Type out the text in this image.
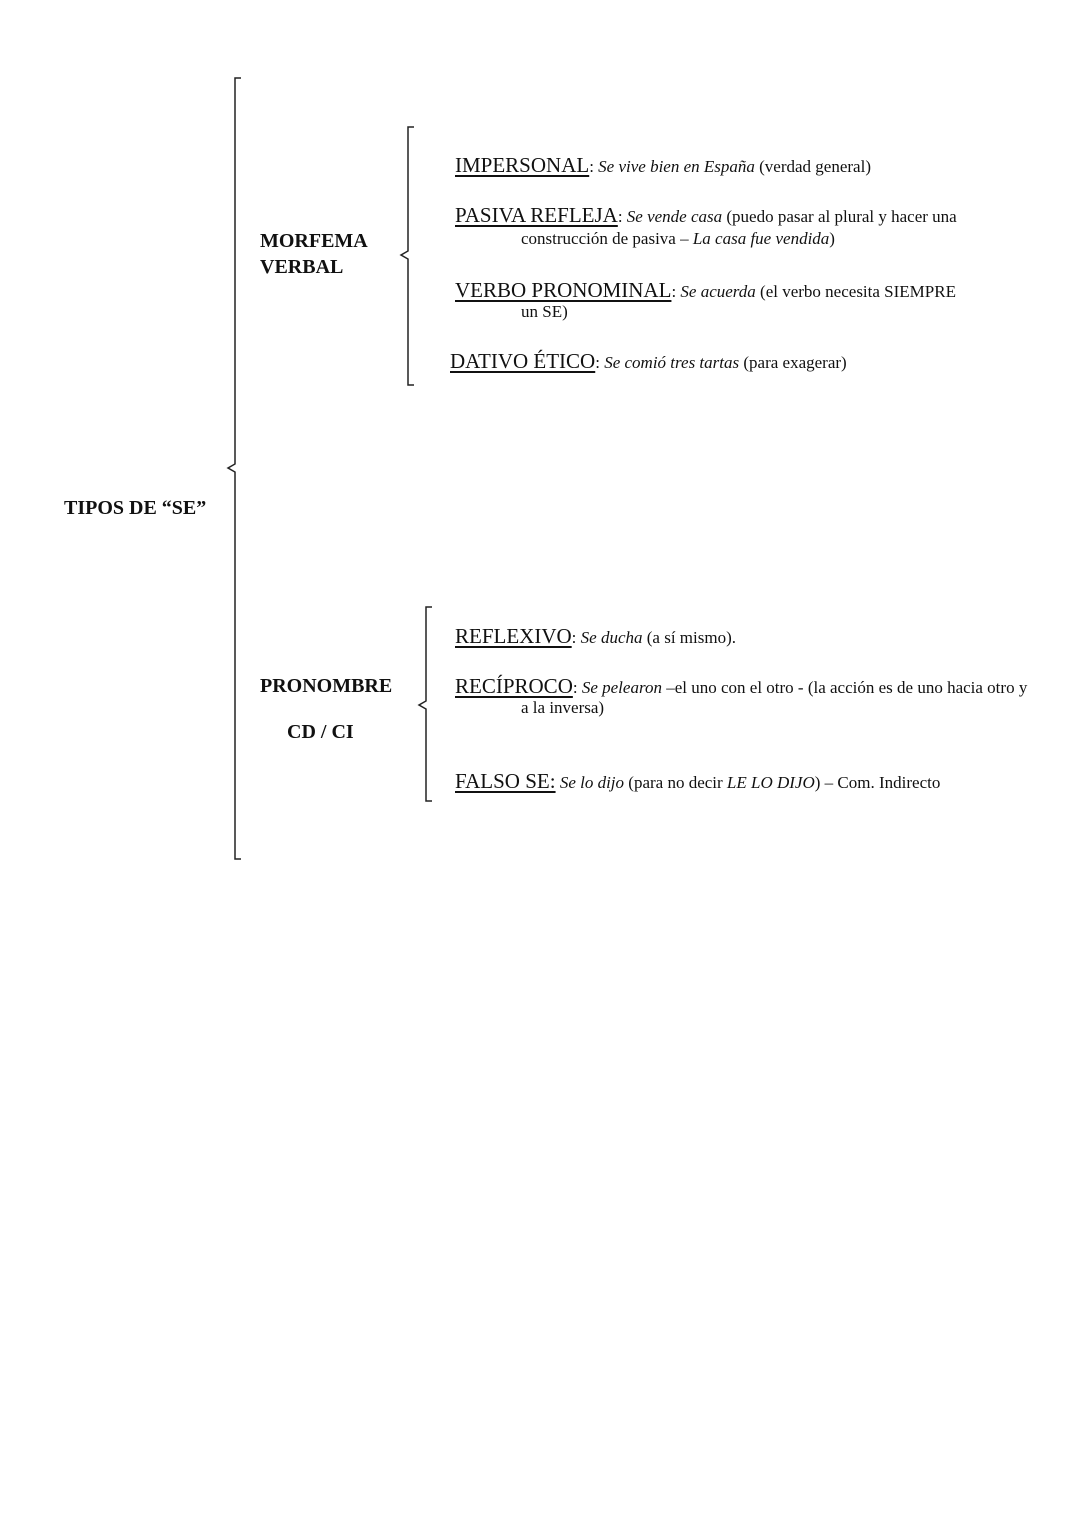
TIPOS DE “SE”
MORFEMA
VERBAL
IMPERSONAL: Se vive bien en España (verdad general)
PASIVA REFLEJA: Se vende casa (puedo pasar al plural y hacer una
construcción de pasiva – La casa fue vendida)
VERBO PRONOMINAL: Se acuerda (el verbo necesita SIEMPRE
un SE)
DATIVO ÉTICO: Se comió tres tartas (para exagerar)
PRONOMBRE
CD / CI
REFLEXIVO: Se ducha (a sí mismo).
RECÍPROCO: Se pelearon –el uno con el otro - (la acción es de uno hacia otro y
a la inversa)
FALSO SE: Se lo dijo (para no decir LE LO DIJO) – Com. Indirecto
